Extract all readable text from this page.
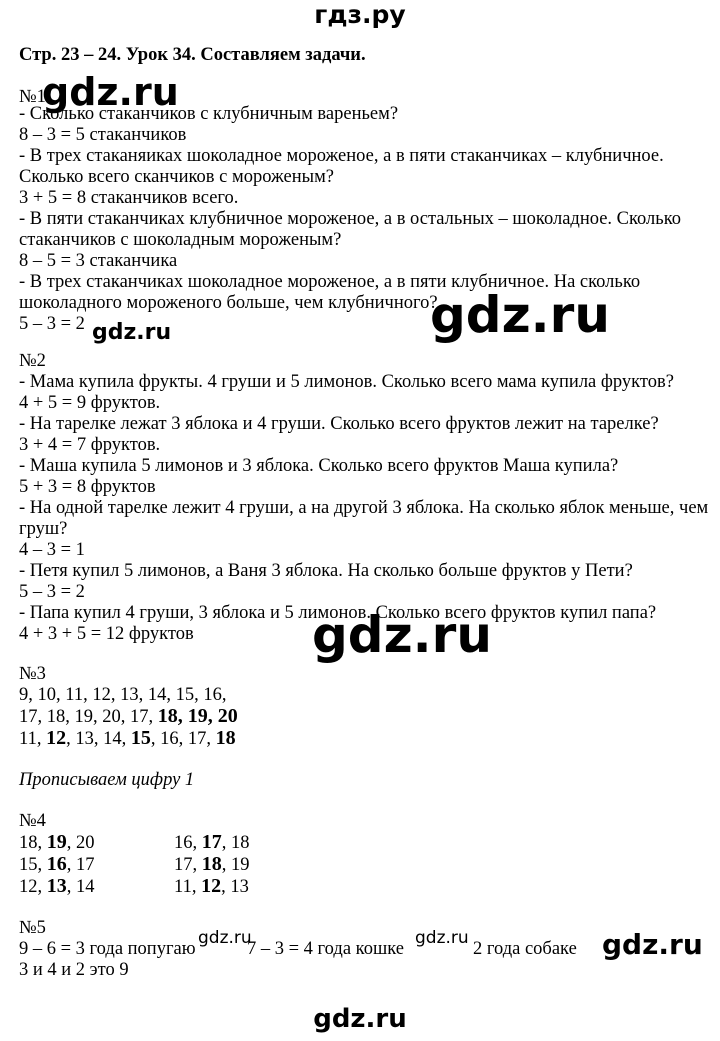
гдз.ру
Стр. 23 – 24. Урок 34. Составляем задачи.
№1
gdz.ru
- Сколько стаканчиков с клубничным вареньем?
8 – 3 = 5 стаканчиков
- В трех стаканяиках шоколадное мороженое, а в пяти стаканчиках – клубничное.
Сколько всего сканчиков с мороженым?
3 + 5 = 8 стаканчиков всего.
- В пяти стаканчиках клубничное мороженое, а в остальных – шоколадное. Сколько
стаканчиков с шоколадным мороженым?
8 – 5 = 3 стаканчика
- В трех стаканчиках шоколадное мороженое, а в пяти клубничное. На сколько
шоколадного мороженого больше, чем клубничного?
5 – 3 = 2 gdz.ru	gdz.ru
№2
- Мама купила фрукты. 4 груши и 5 лимонов. Сколько всего мама купила фруктов?
4 + 5 = 9 фруктов.
- На тарелке лежат 3 яблока и 4 груши. Сколько всего фруктов лежит на тарелке?
3 + 4 = 7 фруктов.
- Маша купила 5 лимонов и 3 яблока. Сколько всего фруктов Маша купила?
5 + 3 = 8 фруктов
- На одной тарелке лежит 4 груши, а на другой 3 яблока. На сколько яблок меньше, чем
груш?
4 – 3 = 1
- Петя купил 5 лимонов, а Ваня 3 яблока. На сколько больше фруктов у Пети?
5 – 3 = 2
- Папа купил 4 груши, 3 яблока и 5 лимонов. Сколько всего фруктов купил папа?
4 + 3 + 5 = 12 фруктов gdz.ru
№3
9, 10, 11, 12, 13, 14, 15, 16,
17, 18, 19, 20, 17, 18, 19, 20
11, 12, 13, 14, 15, 16, 17, 18
Прописываем цифру 1
№4
18, 19, 20	16, 17, 18
15, 16, 17	17, 18, 19
12, 13, 14	11, 12, 13
№5
9 – 6 = 3 года попугаю
gdz.ru
7 – 3 = 4 года кошке
gdz.ru
2 года собаке gdz.ru
3 и 4 и 2 это 9
gdz.ru
